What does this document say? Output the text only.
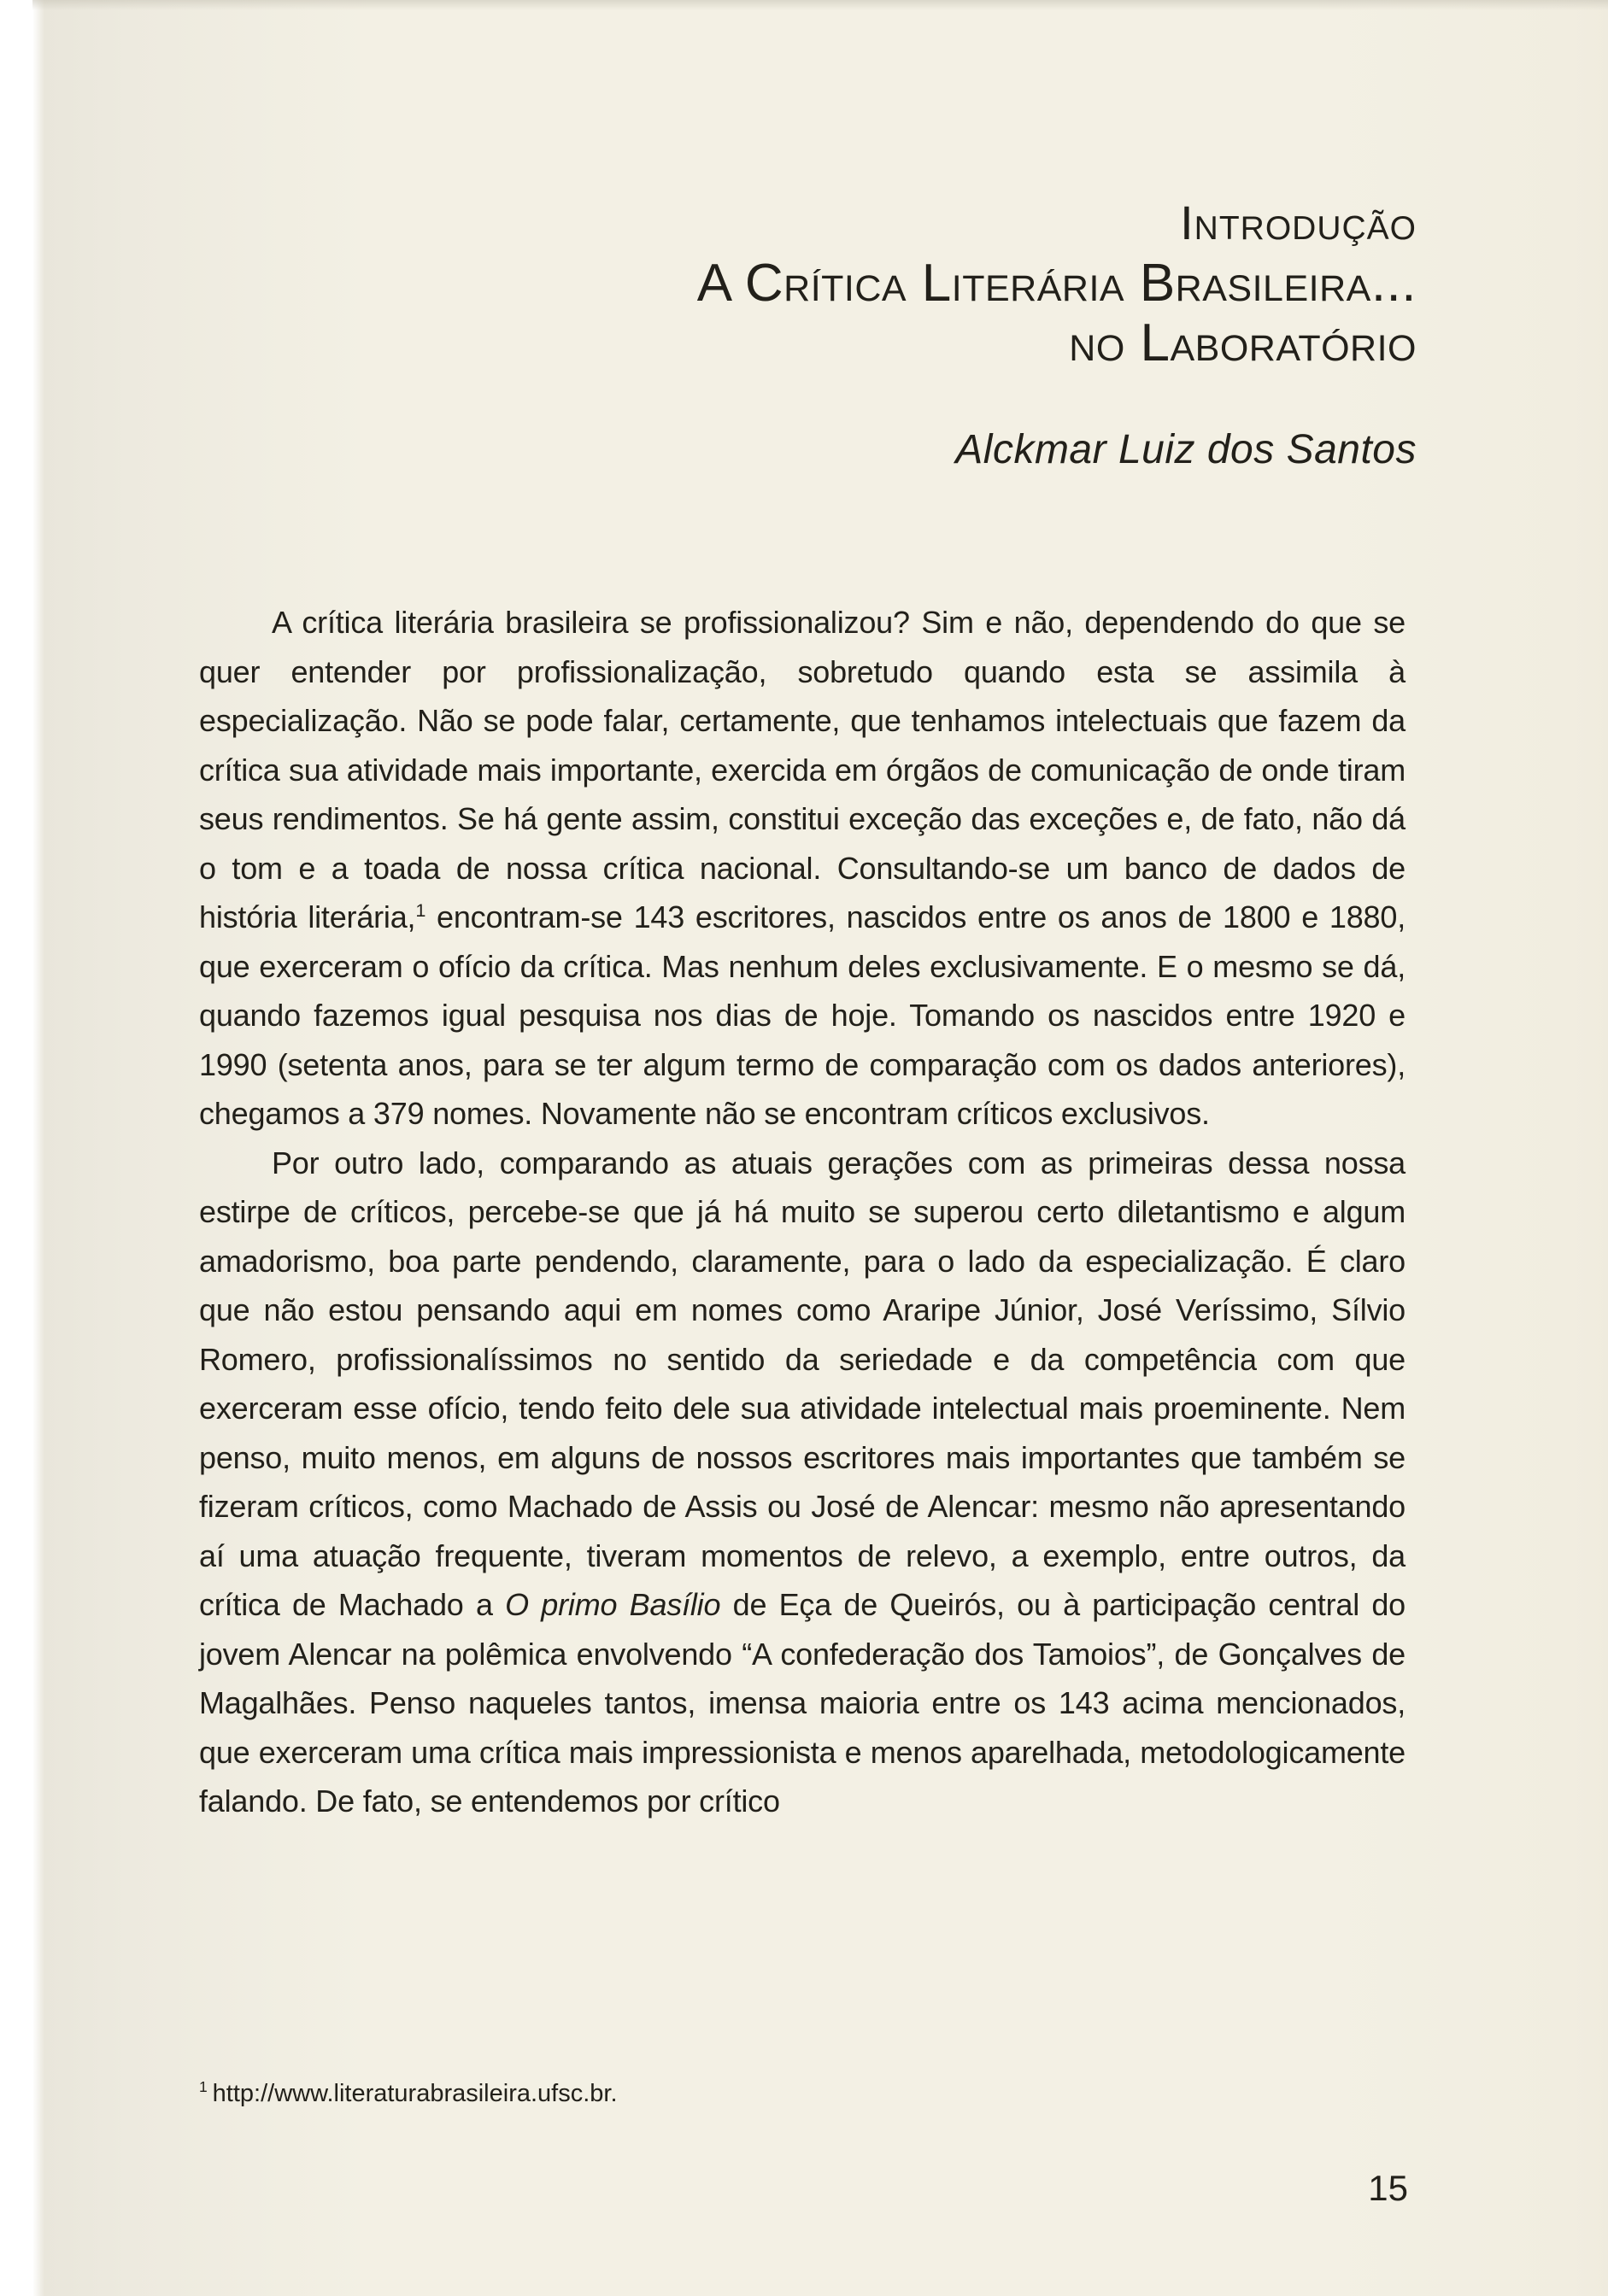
Introdução
A Crítica Literária Brasileira...
no Laboratório
Alckmar Luiz dos Santos

A crítica literária brasileira se profissionalizou? Sim e não, dependendo do que se quer entender por profissionalização, sobretudo quando esta se assimila à especialização. Não se pode falar, certamente, que tenhamos intelectuais que fazem da crítica sua atividade mais importante, exercida em órgãos de comunicação de onde tiram seus rendimentos. Se há gente assim, constitui exceção das exceções e, de fato, não dá o tom e a toada de nossa crítica nacional. Consultando-se um banco de dados de história literária,$^1$ encontram-se 143 escritores, nascidos entre os anos de 1800 e 1880, que exerceram o ofício da crítica. Mas nenhum deles exclusivamente. E o mesmo se dá, quando fazemos igual pesquisa nos dias de hoje. Tomando os nascidos entre 1920 e 1990 (setenta anos, para se ter algum termo de comparação com os dados anteriores), chegamos a 379 nomes. Novamente não se encontram críticos exclusivos.

Por outro lado, comparando as atuais gerações com as primeiras dessa nossa estirpe de críticos, percebe-se que já há muito se superou certo diletantismo e algum amadorismo, boa parte pendendo, claramente, para o lado da especialização. É claro que não estou pensando aqui em nomes como Araripe Júnior, José Veríssimo, Sílvio Romero, profissionalíssimos no sentido da seriedade e da competência com que exerceram esse ofício, tendo feito dele sua atividade intelectual mais proeminente. Nem penso, muito menos, em alguns de nossos escritores mais importantes que também se fizeram críticos, como Machado de Assis ou José de Alencar: mesmo não apresentando aí uma atuação frequente, tiveram momentos de relevo, a exemplo, entre outros, da crítica de Machado a O primo Basílio de Eça de Queirós, ou à participação central do jovem Alencar na polêmica envolvendo “A confederação dos Tamoios”, de Gonçalves de Magalhães. Penso naqueles tantos, imensa maioria entre os 143 acima mencionados, que exerceram uma crítica mais impressionista e menos aparelhada, metodologicamente falando. De fato, se entendemos por crítico

$^1$ http://www.literaturabrasileira.ufsc.br.
15
